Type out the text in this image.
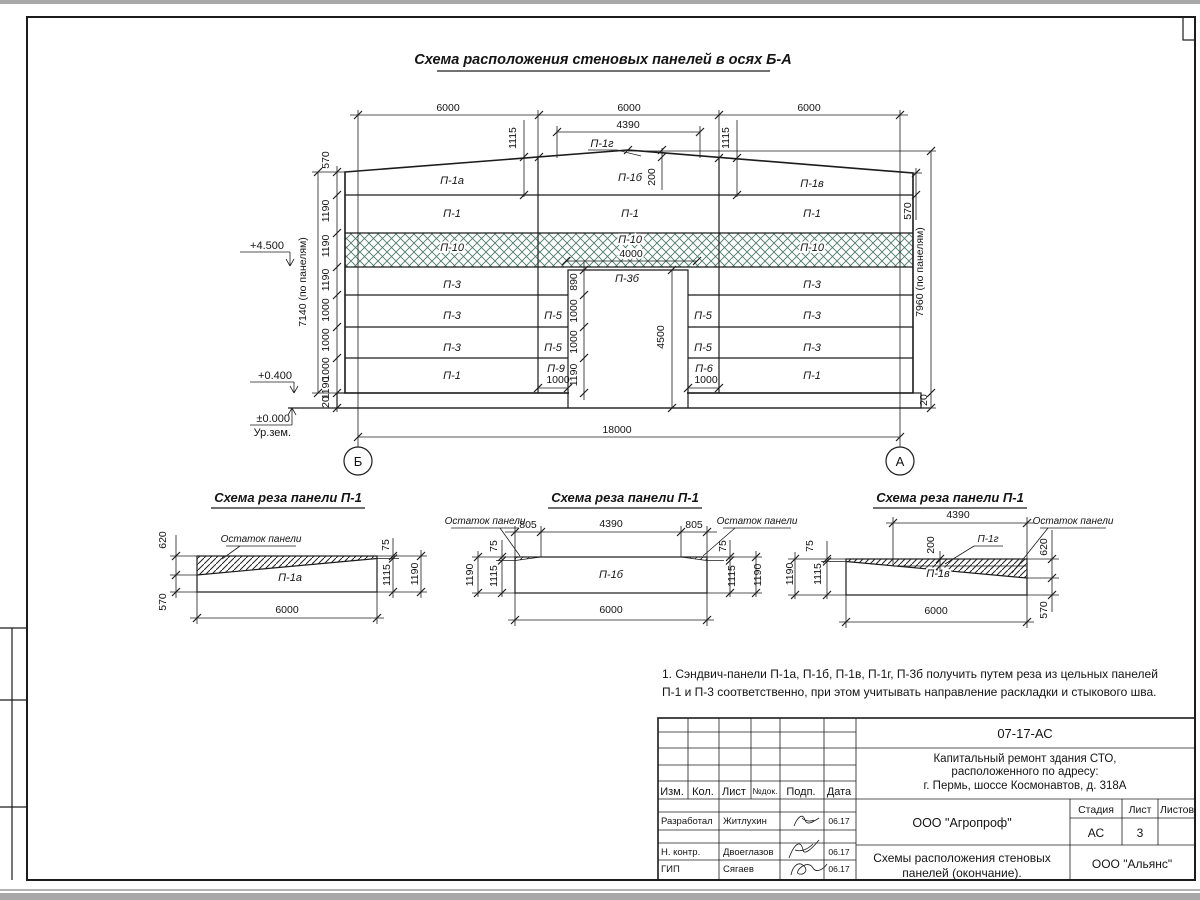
Схема расположения стеновых панелей в осях Б-А
6000	6000	6000
4390
1115	1115
200
П-1г
П-1а	П-1б	П-1в
П-1	П-1	П-1
П-10
П-10
П-10
П-3	П-3б	П-3
П-3	П-5	П-5	П-3
П-3	П-5	П-5	П-3
П-1
П-9	П-6
П-1
4000
1000	1000
890
1000
1000
1190
4500
570
1190
1190
1190
1000
1000
1000
1190
20
7140 (по панелям)
+4.500
+0.400
±0.000
Ур.зем.
570
7960 (по панелям)
20
18000
Б	А
Схема реза панели П-1
П-1а
Остаток панели
620
570
75
1115 1190
6000
Схема реза панели П-1
П-1б
Остаток панели	Остаток панели
805	4390	805
75
1115
1190
75
1115 1190
6000
Схема реза панели П-1
П-1в
П-1г
Остаток панели
4390
200
75
1115
1190
620
570
6000
1. Сэндвич-панели П-1а, П-1б, П-1в, П-1г, П-3б получить путем реза из цельных панелей
П-1 и П-3 соответственно, при этом учитывать направление раскладки и стыкового шва.
07-17-АС
Капитальный ремонт здания СТО,
расположенного по адресу:
г. Пермь, шоссе Космонавтов, д. 318А
Изм. Кол. Лист №док. Подп. Дата
Разработал Житлухин	06.17
Н. контр. Двоеглазов	06.17
ГИП	Сягаев	06.17
ООО "Агропроф"
Стадия Лист Листов
АС	3
Схемы расположения стеновых
панелей (окончание).
ООО "Альянс"
